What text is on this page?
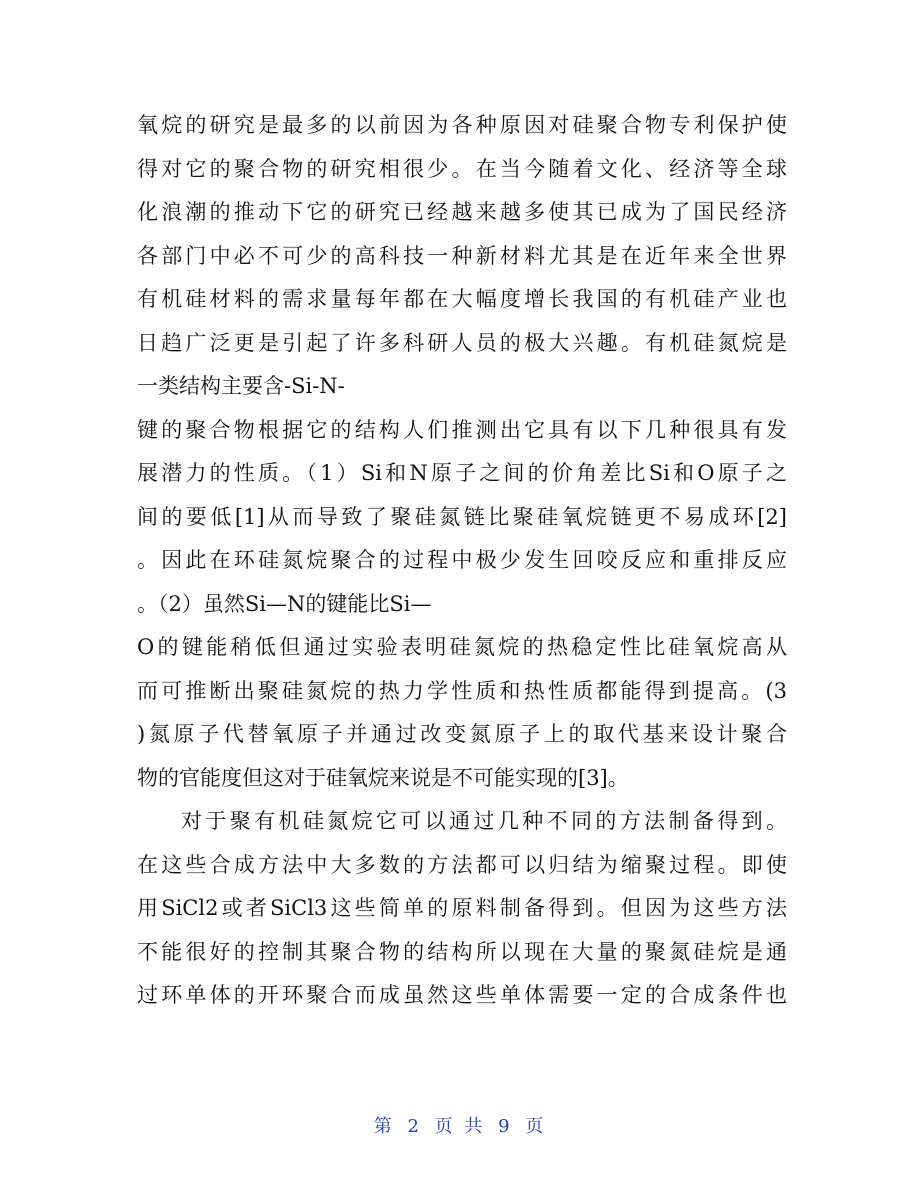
氧烷的研究是最多的以前因为各种原因对硅聚合物专利保护使
得对它的聚合物的研究相很少。在当今随着文化、经济等全球
化浪潮的推动下它的研究已经越来越多使其已成为了国民经济
各部门中必不可少的高科技一种新材料尤其是在近年来全世界
有机硅材料的需求量每年都在大幅度增长我国的有机硅产业也
日趋广泛更是引起了许多科研人员的极大兴趣。有机硅氮烷是
一类结构主要含-Si-N-
键的聚合物根据它的结构人们推测出它具有以下几种很具有发
展潜力的性质。（1）Si和N原子之间的价角差比Si和O原子之
间的要低[1]从而导致了聚硅氮链比聚硅氧烷链更不易成环[2]
。因此在环硅氮烷聚合的过程中极少发生回咬反应和重排反应
。（2）虽然Si—N的键能比Si—
O的键能稍低但通过实验表明硅氮烷的热稳定性比硅氧烷高从
而可推断出聚硅氮烷的热力学性质和热性质都能得到提高。(3
)氮原子代替氧原子并通过改变氮原子上的取代基来设计聚合
物的官能度但这对于硅氧烷来说是不可能实现的[3]。
对于聚有机硅氮烷它可以通过几种不同的方法制备得到。
在这些合成方法中大多数的方法都可以归结为缩聚过程。即使
用SiCl2或者SiCl3这些简单的原料制备得到。但因为这些方法
不能很好的控制其聚合物的结构所以现在大量的聚氮硅烷是通
过环单体的开环聚合而成虽然这些单体需要一定的合成条件也
第 2 页 共 9 页
